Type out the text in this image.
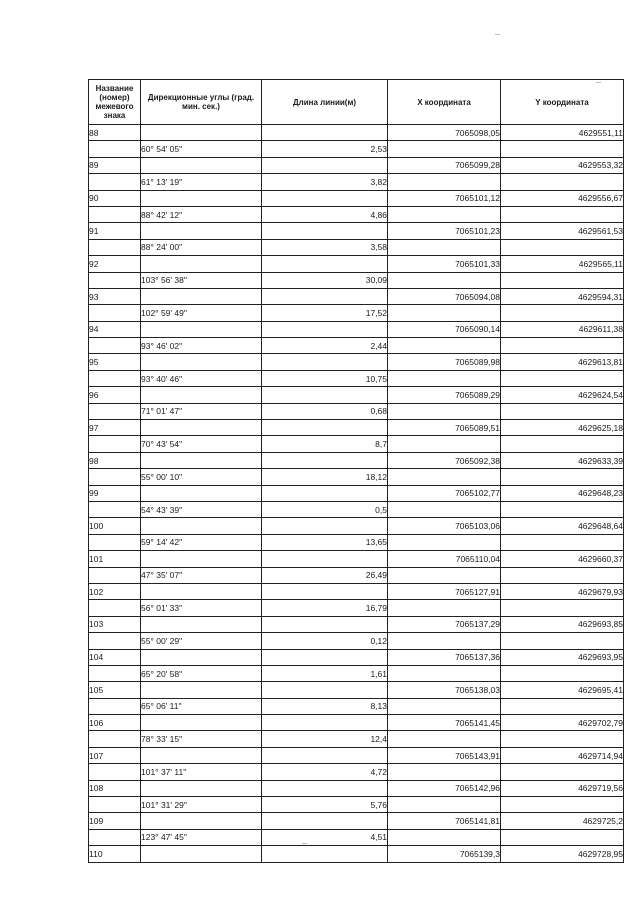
Название (номер) межевого знака	Дирекционные углы (град. мин. сек.)	Длина линии(м)	X координата	Y координата
88			7065098,05	4629551,11
	60° 54' 05"	2,53		
89			7065099,28	4629553,32
	61° 13' 19"	3,82		
90			7065101,12	4629556,67
	88° 42' 12"	4,86		
91			7065101,23	4629561,53
	88° 24' 00"	3,58		
92			7065101,33	4629565,11
	103° 56' 38"	30,09		
93			7065094,08	4629594,31
	102° 59' 49"	17,52		
94			7065090,14	4629611,38
	93° 46' 02"	2,44		
95			7065089,98	4629613,81
	93° 40' 46"	10,75		
96			7065089,29	4629624,54
	71° 01' 47"	0,68		
97			7065089,51	4629625,18
	70° 43' 54"	8,7		
98			7065092,38	4629633,39
	55° 00' 10"	18,12		
99			7065102,77	4629648,23
	54° 43' 39"	0,5		
100			7065103,06	4629648,64
	59° 14' 42"	13,65		
101			7065110,04	4629660,37
	47° 35' 07"	26,49		
102			7065127,91	4629679,93
	56° 01' 33"	16,79		
103			7065137,29	4629693,85
	55° 00' 29"	0,12		
104			7065137,36	4629693,95
	65° 20' 58"	1,61		
105			7065138,03	4629695,41
	65° 06' 11"	8,13		
106			7065141,45	4629702,79
	78° 33' 15"	12,4		
107			7065143,91	4629714,94
	101° 37' 11"	4,72		
108			7065142,96	4629719,56
	101° 31' 29"	5,76		
109			7065141,81	4629725,2
	123° 47' 45"	4,51		
110			7065139,3	4629728,95
